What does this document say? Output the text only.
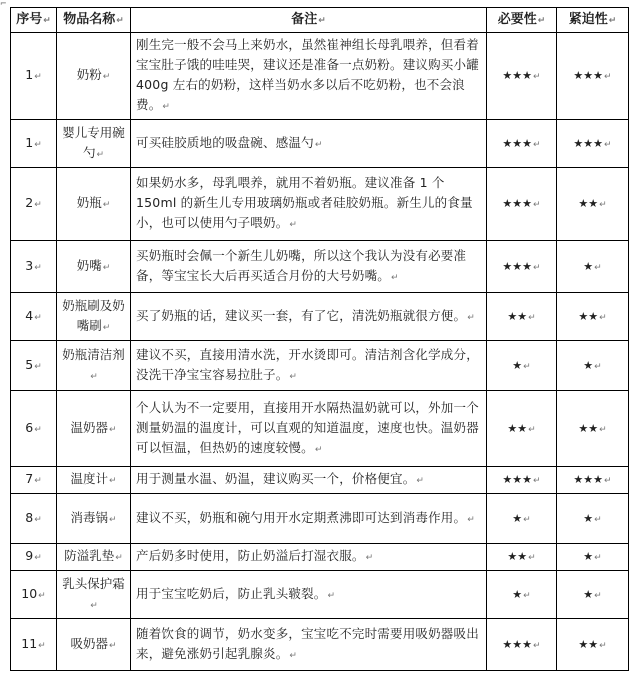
⌐
序号↵	物品名称↵	备注↵	必要性↵	紧迫性↵
1↵	奶粉↵	刚生完一般不会马上来奶水，虽然崔神组长母乳喂养，但看着宝宝肚子饿的哇哇哭，建议还是准备一点奶粉。建议购买小罐 400g 左右的奶粉，这样当奶水多以后不吃奶粉，也不会浪费。↵	★★★↵	★★★↵
1↵	婴儿专用碗勺↵	可买硅胶质地的吸盘碗、感温勺↵	★★★↵	★★★↵
2↵	奶瓶↵	如果奶水多，母乳喂养，就用不着奶瓶。建议准备 1 个 150ml 的新生儿专用玻璃奶瓶或者硅胶奶瓶。新生儿的食量小，也可以使用勺子喂奶。↵	★★★↵	★★↵
3↵	奶嘴↵	买奶瓶时会佩一个新生儿奶嘴，所以这个我认为没有必要准备，等宝宝长大后再买适合月份的大号奶嘴。↵	★★★↵	★↵
4↵	奶瓶刷及奶嘴刷↵	买了奶瓶的话，建议买一套，有了它，清洗奶瓶就很方便。↵	★★↵	★★↵
5↵	奶瓶清洁剂↵	建议不买，直接用清水洗，开水烫即可。清洁剂含化学成分，没洗干净宝宝容易拉肚子。↵	★↵	★↵
6↵	温奶器↵	个人认为不一定要用，直接用开水隔热温奶就可以，外加一个测量奶温的温度计，可以直观的知道温度，速度也快。温奶器可以恒温，但热奶的速度较慢。↵	★★↵	★★↵
7↵	温度计↵	用于测量水温、奶温，建议购买一个，价格便宜。↵	★★★↵	★★★↵
8↵	消毒锅↵	建议不买，奶瓶和碗勺用开水定期煮沸即可达到消毒作用。↵	★↵	★↵
9↵	防溢乳垫↵	产后奶多时使用，防止奶溢后打湿衣服。↵	★★↵	★↵
10↵	乳头保护霜↵	用于宝宝吃奶后，防止乳头皲裂。↵	★↵	★↵
11↵	吸奶器↵	随着饮食的调节，奶水变多，宝宝吃不完时需要用吸奶器吸出来，避免涨奶引起乳腺炎。↵	★★★↵	★★↵
